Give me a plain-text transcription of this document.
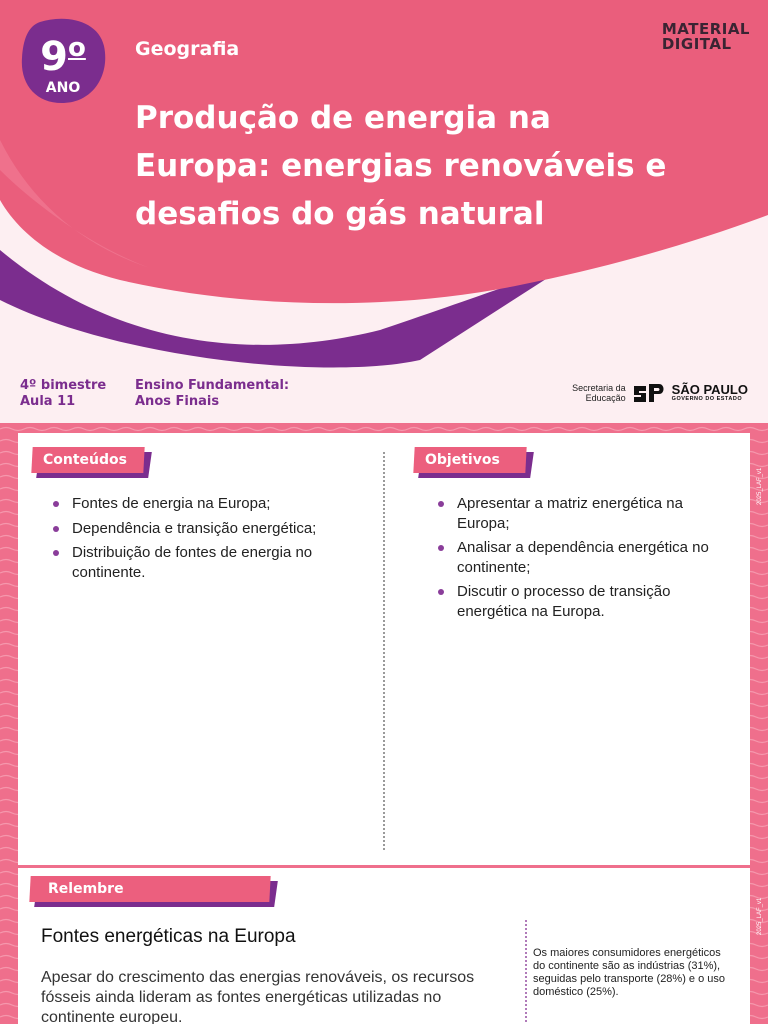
9$^o$
ANO
Geografia
Produção de energia na
Europa: energias renováveis e
desafios do gás natural
MATERIAL
DIGITAL
4º bimestre
Aula 11
Ensino Fundamental:
Anos Finais
Secretaria da
Educação
SÃO PAULO
GOVERNO DO ESTADO
2025_LAF_v1
2025_LAF_v1
Conteúdos
Fontes de energia na Europa;
Dependência e transição energética;
Distribuição de fontes de energia no continente.
Objetivos
Apresentar a matriz energética na Europa;
Analisar a dependência energética no continente;
Discutir o processo de transição energética na Europa.
Relembre
Fontes energéticas na Europa
Apesar do crescimento das energias renováveis, os recursos fósseis ainda lideram as fontes energéticas utilizadas no continente europeu.
Os maiores consumidores energéticos do continente são as indústrias (31%), seguidas pelo transporte (28%) e o uso doméstico (25%).
